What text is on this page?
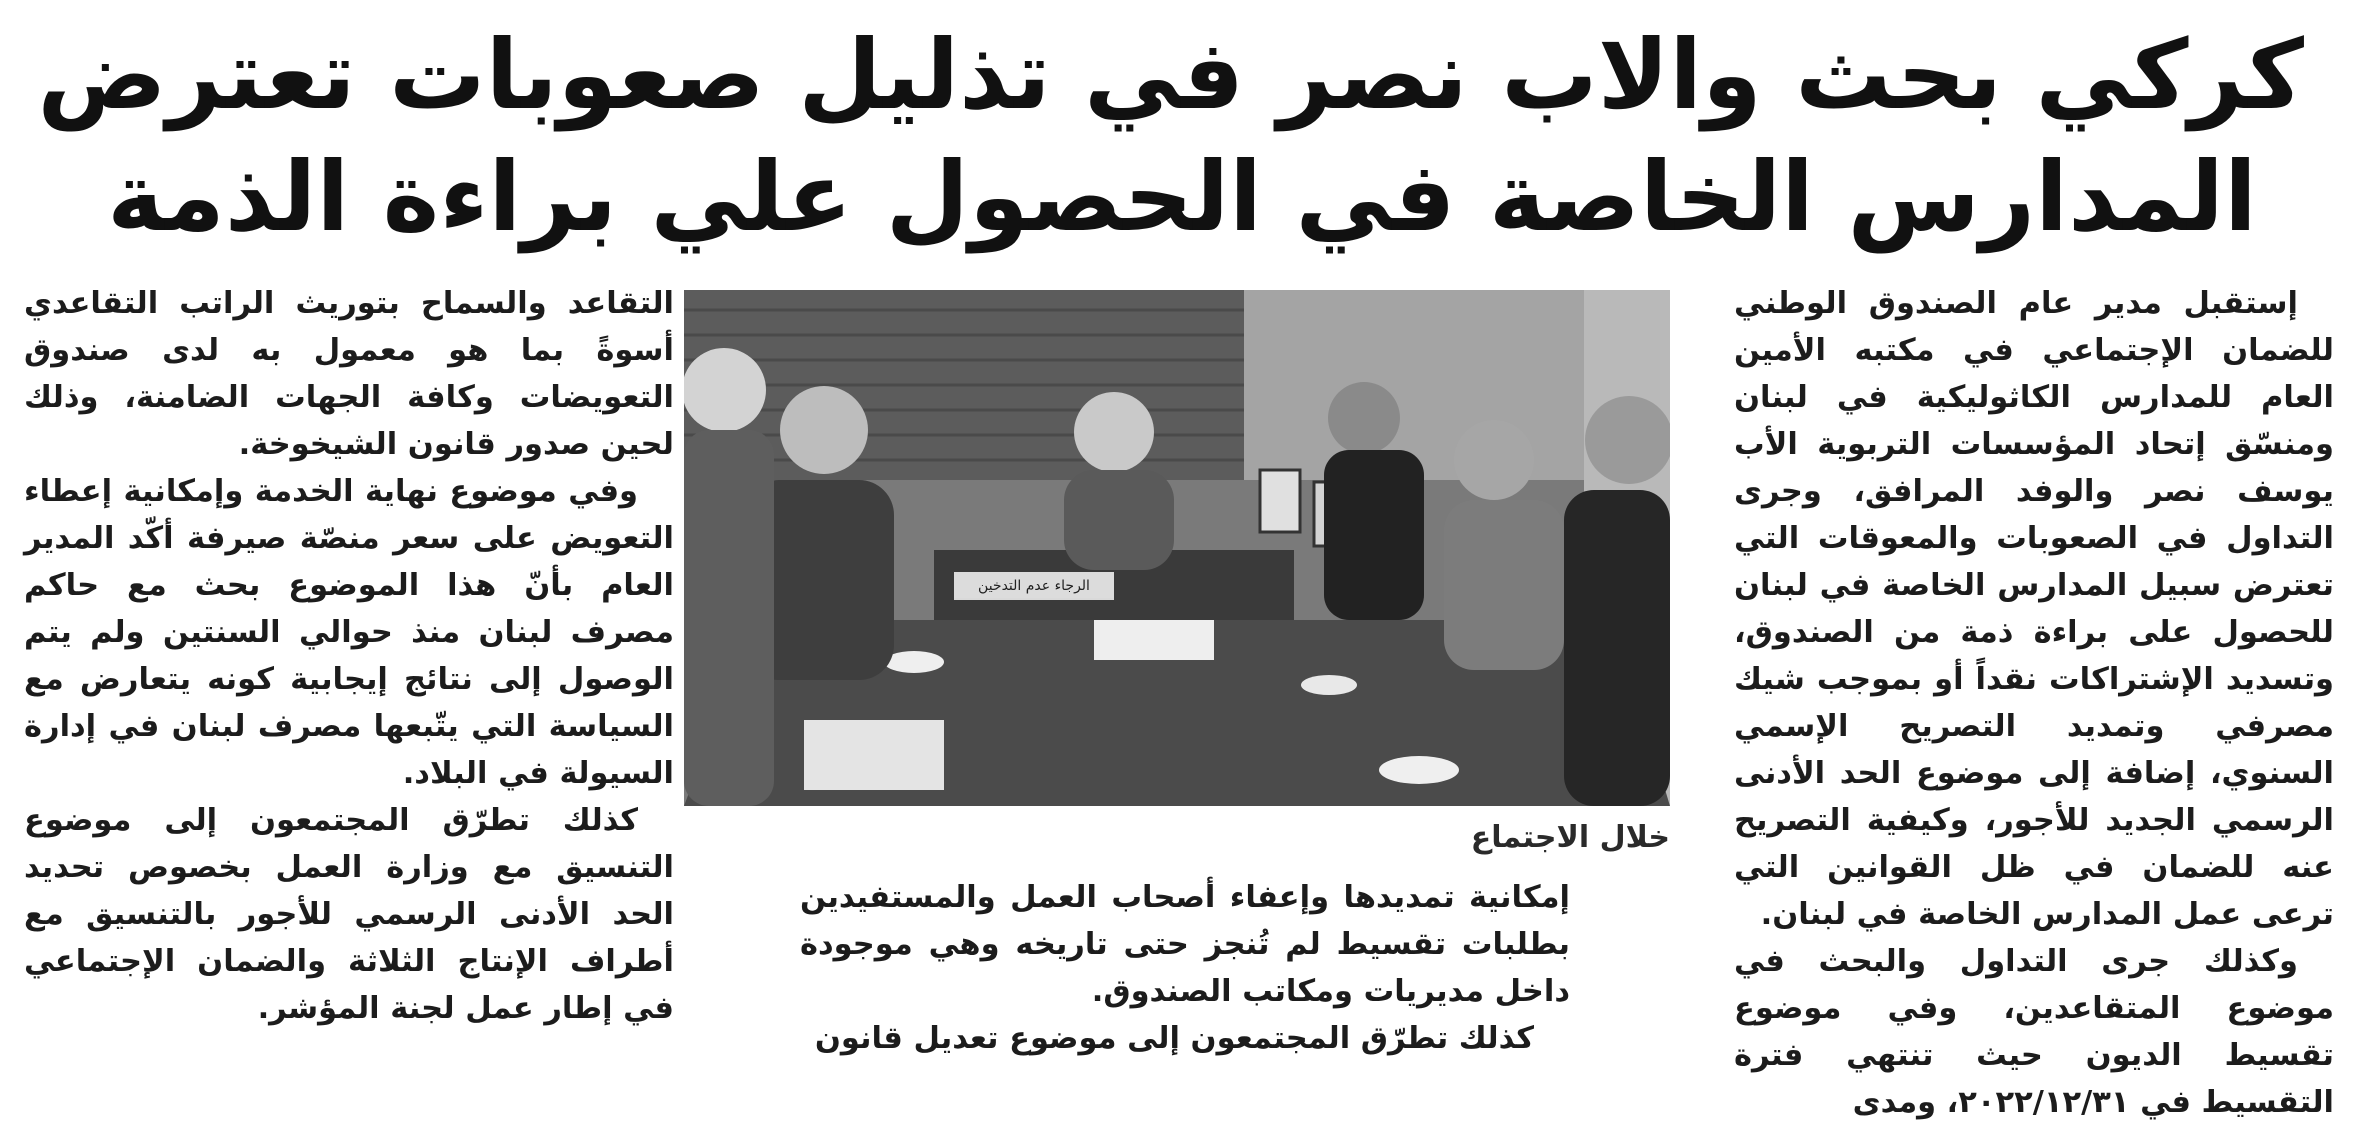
كركي بحث والاب نصر في تذليل صعوبات تعترض
المدارس الخاصة في الحصول علي براءة الذمة

إستقبل مدير عام الصندوق الوطني للضمان الإجتماعي في مكتبه الأمين العام للمدارس الكاثوليكية في لبنان ومنسّق إتحاد المؤسسات التربوية الأب يوسف نصر والوفد المرافق، وجرى التداول في الصعوبات والمعوقات التي تعترض سبيل المدارس الخاصة في لبنان للحصول على براءة ذمة من الصندوق، وتسديد الإشتراكات نقداً أو بموجب شيك مصرفي وتمديد التصريح الإسمي السنوي، إضافة إلى موضوع الحد الأدنى الرسمي الجديد للأجور، وكيفية التصريح عنه للضمان في ظل القوانين التي ترعى عمل المدارس الخاصة في لبنان.

وكذلك جرى التداول والبحث في موضوع المتقاعدين، وفي موضوع تقسيط الديون حيث تنتهي فترة التقسيط في ٢٠٢٢/١٢/٣١، ومدى

الرجاء عدم التدخين
خلال الاجتماع

إمكانية تمديدها وإعفاء أصحاب العمل والمستفيدين بطلبات تقسيط لم تُنجز حتى تاريخه وهي موجودة داخل مديريات ومكاتب الصندوق.

كذلك تطرّق المجتمعون إلى موضوع تعديل قانون

التقاعد والسماح بتوريث الراتب التقاعدي أسوةً بما هو معمول به لدى صندوق التعويضات وكافة الجهات الضامنة، وذلك لحين صدور قانون الشيخوخة.

وفي موضوع نهاية الخدمة وإمكانية إعطاء التعويض على سعر منصّة صيرفة أكّد المدير العام بأنّ هذا الموضوع بحث مع حاكم مصرف لبنان منذ حوالي السنتين ولم يتم الوصول إلى نتائج إيجابية كونه يتعارض مع السياسة التي يتّبعها مصرف لبنان في إدارة السيولة في البلاد.

كذلك تطرّق المجتمعون إلى موضوع التنسيق مع وزارة العمل بخصوص تحديد الحد الأدنى الرسمي للأجور بالتنسيق مع أطراف الإنتاج الثلاثة والضمان الإجتماعي في إطار عمل لجنة المؤشر.
